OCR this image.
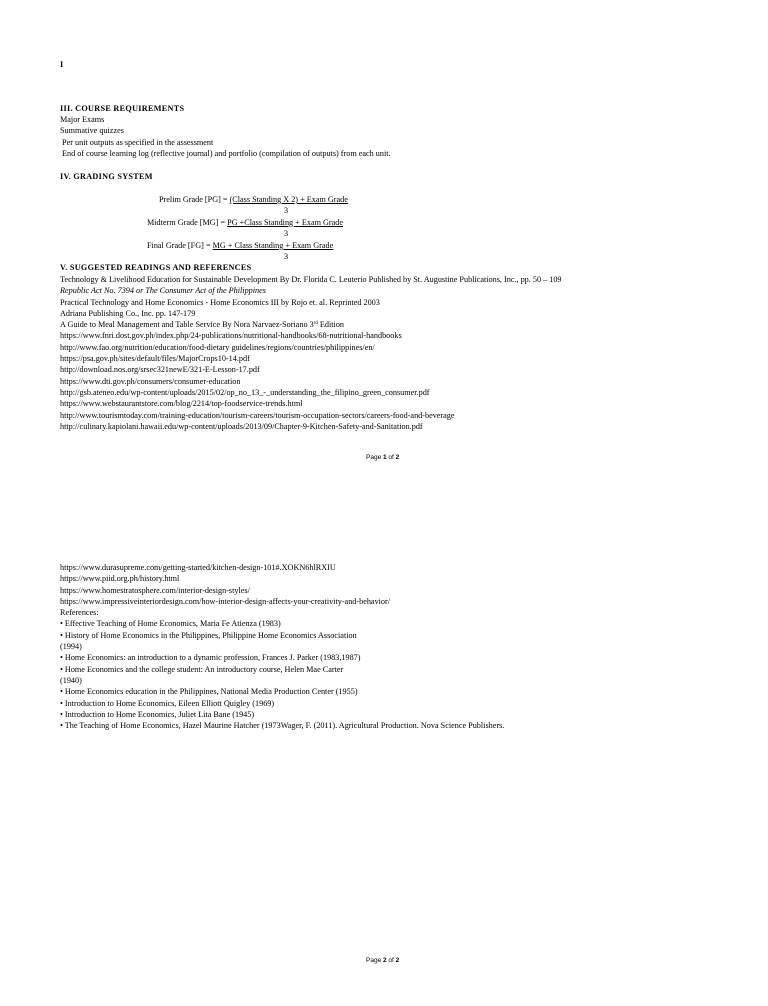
I
III. COURSE REQUIREMENTS
Major Exams
Summative quizzes
Per unit outputs as specified in the assessment
End of course learning log (reflective journal) and portfolio (compilation of outputs) from each unit.
IV. GRADING SYSTEM
Prelim Grade [PG] = (Class Standing X 2) + Exam Grade
3
Midterm Grade [MG] = PG +Class Standing + Exam Grade
3
Final Grade [FG] = MG + Class Standing + Exam Grade
3
V. SUGGESTED READINGS AND REFERENCES
Technology & Livelihood Education for Sustainable Development By Dr. Florida C. Leuterio Published by St. Augustine Publications, Inc., pp. 50 – 109
Republic Act No. 7394 or The Consumer Act of the Philippines
Practical Technology and Home Economics - Home Economics III by Rojo et. al. Reprinted 2003
Adriana Publishing Co., Inc. pp. 147-179
A Guide to Meal Management and Table Service By Nora Narvaez-Soriano 3rd Edition
https://www.fnri.dost.gov.ph/index.php/24-publications/nutritional-handbooks/68-nutritional-handbooks
http://www.fao.org/nutrition/education/food-dietary guidelines/regions/countries/philippines/en/
https://psa.gov.ph/sites/default/files/MajorCrops10-14.pdf
http://download.nos.org/srsec321newE/321-E-Lesson-17.pdf
https://www.dti.gov.ph/consumers/consumer-education
http://gsb.ateneo.edu/wp-content/uploads/2015/02/op_no_13_-_understanding_the_filipino_green_consumer.pdf
https://www.webstaurantstore.com/blog/2214/top-foodservice-trends.html
http://www.tourismtoday.com/training-education/tourism-careers/tourism-occupation-sectors/careers-food-and-beverage
http://culinary.kapiolani.hawaii.edu/wp-content/uploads/2013/09/Chapter-9-Kitchen-Safety-and-Sanitation.pdf
Page 1 of 2
https://www.durasupreme.com/getting-started/kitchen-design-101#.XOKN6hlRXIU
https://www.piid.org.ph/history.html
https://www.homestratosphere.com/interior-design-styles/
https://www.impressiveinteriordesign.com/how-interior-design-affects-your-creativity-and-behavior/
References:
• Effective Teaching of Home Economics, Maria Fe Atienza (1983)
• History of Home Economics in the Philippines, Philippine Home Economics Association
(1994)
• Home Economics: an introduction to a dynamic profession, Frances J. Parker (1983,1987)
• Home Economics and the college student: An introductory course, Helen Mae Carter
(1940)
• Home Economics education in the Philippines, National Media Production Center (1955)
• Introduction to Home Economics, Eileen Elliott Quigley (1969)
• Introduction to Home Economics, Juliet Lita Bane (1945)
• The Teaching of Home Economics, Hazel Maurine Hatcher (1973Wager, F. (2011). Agricultural Production. Nova Science Publishers.
Page 2 of 2
